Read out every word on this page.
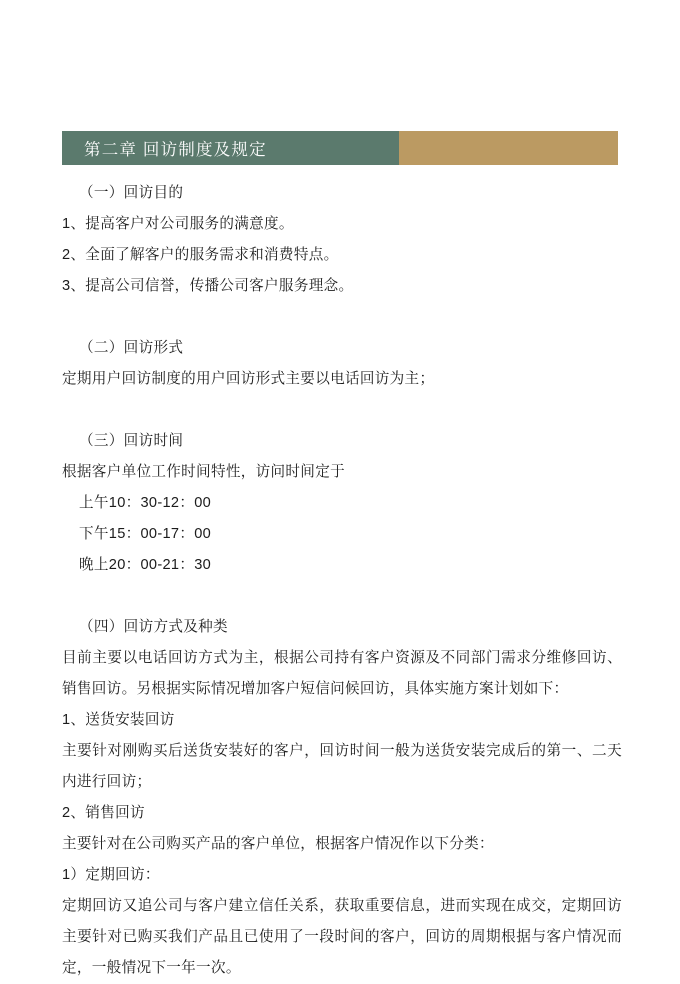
第二章 回访制度及规定

（一）回访目的

1、提高客户对公司服务的满意度。

2、全面了解客户的服务需求和消费特点。

3、提高公司信誉，传播公司客户服务理念。

（二）回访形式

定期用户回访制度的用户回访形式主要以电话回访为主；

（三）回访时间

根据客户单位工作时间特性，访问时间定于

上午10：30-12：00

下午15：00-17：00

晚上20：00-21：30

（四）回访方式及种类

目前主要以电话回访方式为主，根据公司持有客户资源及不同部门需求分维修回访、销售回访。另根据实际情况增加客户短信问候回访，具体实施方案计划如下：

1、送货安装回访

主要针对刚购买后送货安装好的客户，回访时间一般为送货安装完成后的第一、二天内进行回访；

2、销售回访

主要针对在公司购买产品的客户单位，根据客户情况作以下分类：

1）定期回访：

定期回访又追公司与客户建立信任关系，获取重要信息，进而实现在成交，定期回访主要针对已购买我们产品且已使用了一段时间的客户，回访的周期根据与客户情况而定，一般情况下一年一次。
